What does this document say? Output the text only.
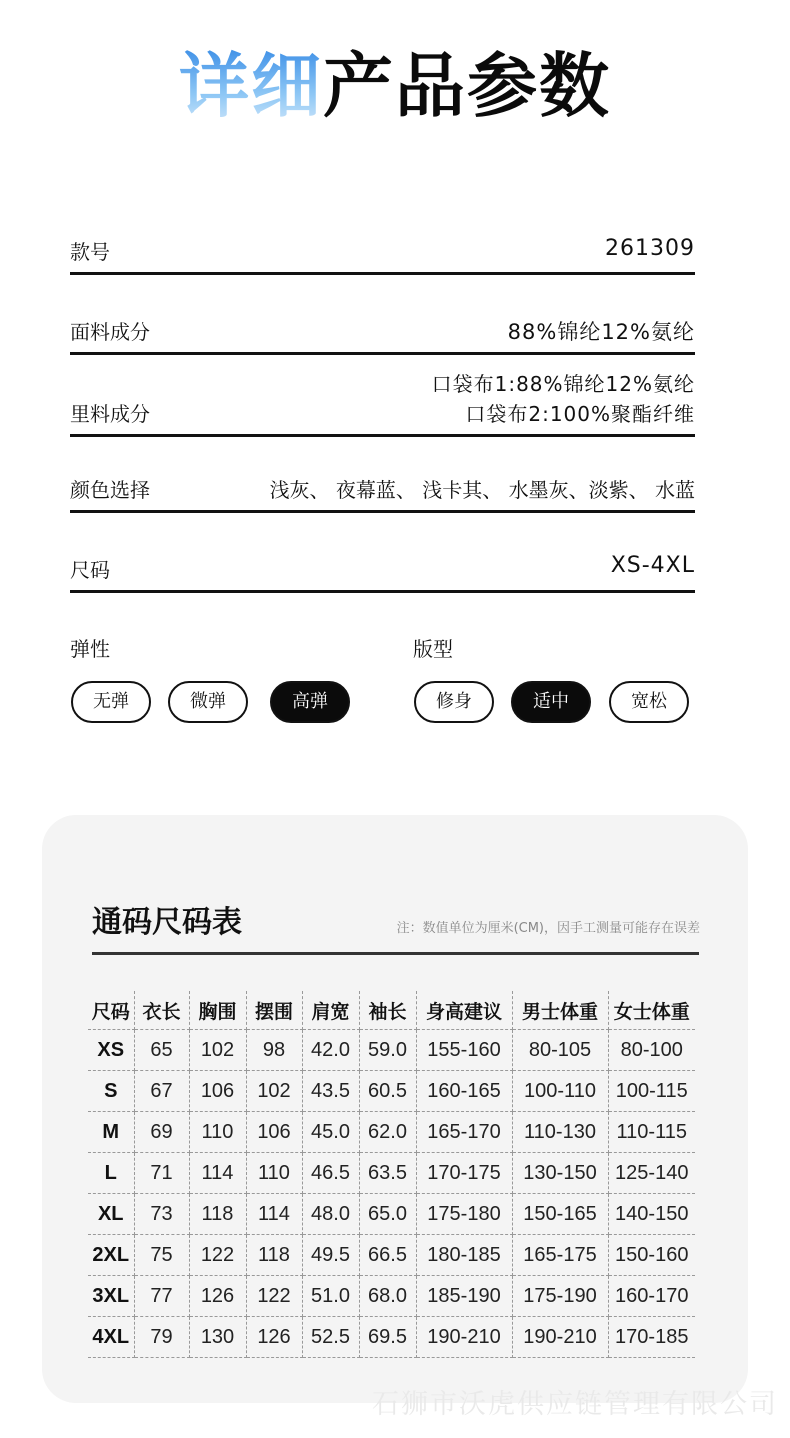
详细产品参数
款号	261309
面料成分	88%锦纶12%氨纶
里料成分
口袋布1:88%锦纶12%氨纶
口袋布2:100%聚酯纤维
颜色选择	浅灰、 夜幕蓝、 浅卡其、 水墨灰、淡紫、 水蓝
尺码	XS-4XL
弹性
无弹	微弹	高弹
版型
修身	适中	宽松
通码尺码表	注：数值单位为厘米(CM)，因手工测量可能存在误差
尺码	衣长	胸围	摆围	肩宽	袖长	身高建议	男士体重	女士体重
XS	65	102	98	42.0	59.0	155-160	80-105	80-100
S	67	106	102	43.5	60.5	160-165	100-110	100-115
M	69	110	106	45.0	62.0	165-170	110-130	110-115
L	71	114	110	46.5	63.5	170-175	130-150	125-140
XL	73	118	114	48.0	65.0	175-180	150-165	140-150
2XL	75	122	118	49.5	66.5	180-185	165-175	150-160
3XL	77	126	122	51.0	68.0	185-190	175-190	160-170
4XL	79	130	126	52.5	69.5	190-210	190-210	170-185
石狮市沃虎供应链管理有限公司
